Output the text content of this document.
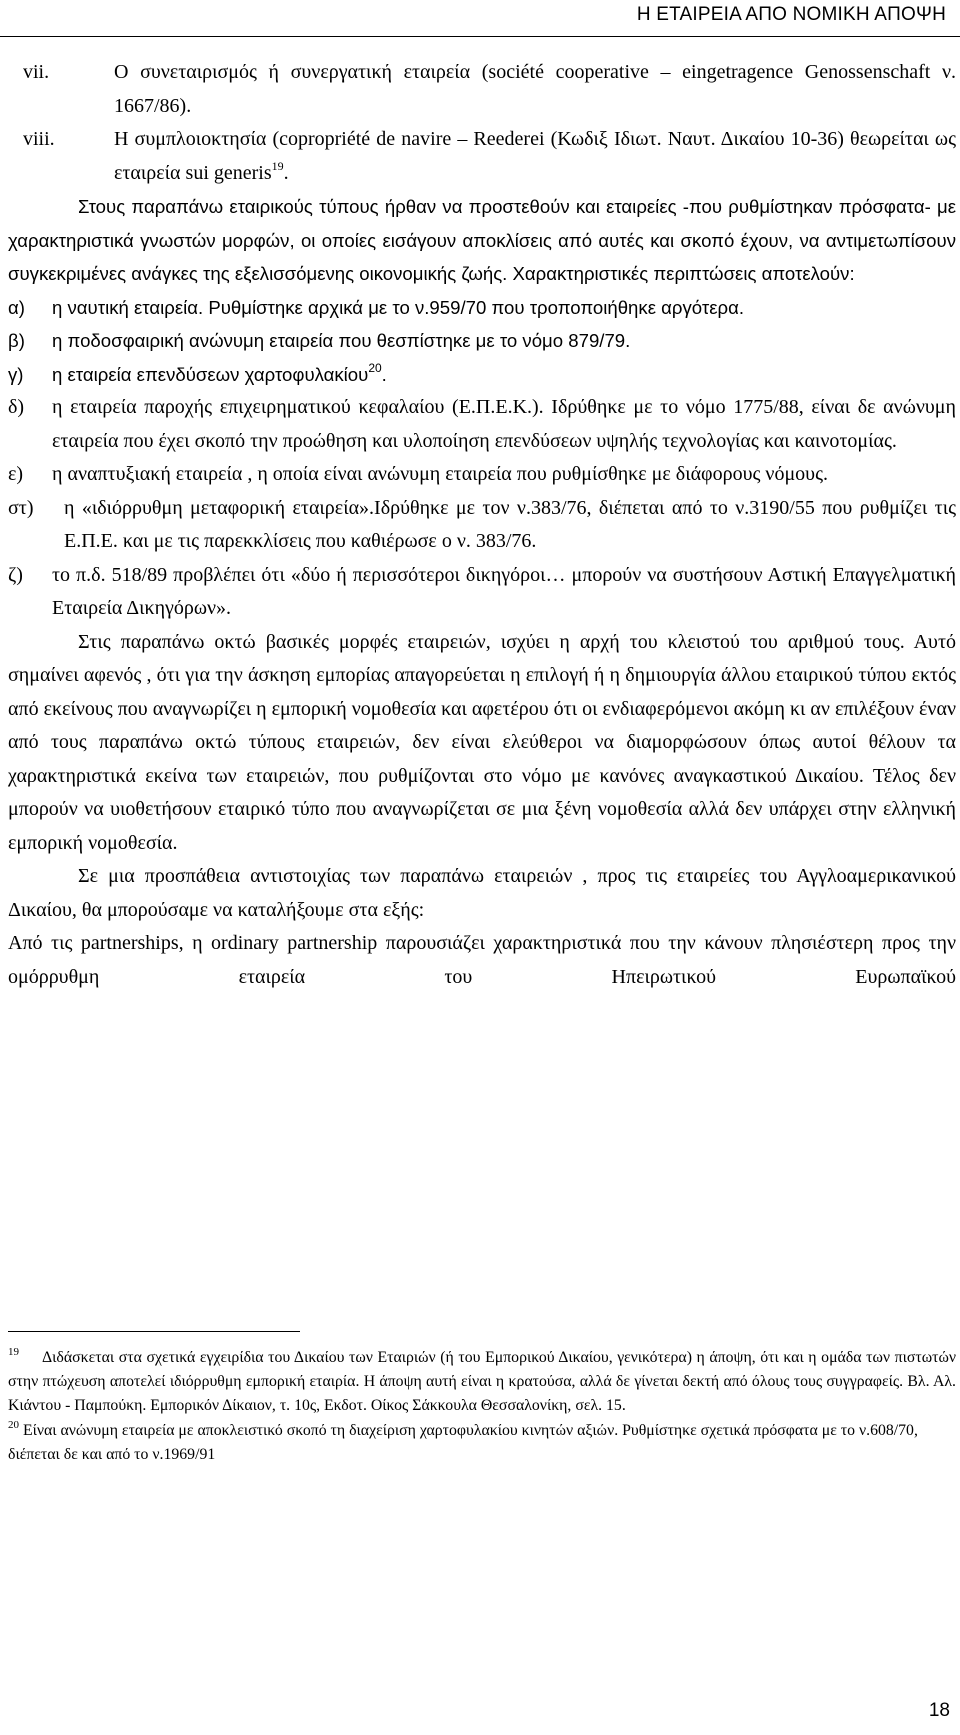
Η ΕΤΑΙΡΕΙΑ ΑΠΟ ΝΟΜΙΚΗ ΑΠΟΨΗ
vii.	Ο συνεταιρισμός ή συνεργατική εταιρεία (société cooperative – eingetragence Genossenschaft ν. 1667/86).
viii.	Η συμπλοιοκτησία (copropriété de navire – Reederei (Κωδιξ Ιδιωτ. Ναυτ. Δικαίου 10-36) θεωρείται ως εταιρεία sui generis$^{19}$.
Στους παραπάνω εταιρικούς τύπους ήρθαν να προστεθούν και εταιρείες -που ρυθμίστηκαν πρόσφατα- με χαρακτηριστικά γνωστών μορφών, οι οποίες εισάγουν αποκλίσεις από αυτές και σκοπό έχουν, να αντιμετωπίσουν συγκεκριμένες ανάγκες της εξελισσόμενης οικονομικής ζωής. Χαρακτηριστικές περιπτώσεις αποτελούν:
α) η ναυτική εταιρεία. Ρυθμίστηκε αρχικά με το ν.959/70 που τροποποιήθηκε αργότερα.
β) η ποδοσφαιρική ανώνυμη εταιρεία που θεσπίστηκε με το νόμο 879/79.
γ) η εταιρεία επενδύσεων χαρτοφυλακίου$^{20}$.
δ) η εταιρεία παροχής επιχειρηματικού κεφαλαίου (Ε.Π.Ε.Κ.). Ιδρύθηκε με το νόμο 1775/88, είναι δε ανώνυμη εταιρεία που έχει σκοπό την προώθηση και υλοποίηση επενδύσεων υψηλής τεχνολογίας και καινοτομίας.
ε) η αναπτυξιακή εταιρεία , η οποία είναι ανώνυμη εταιρεία που ρυθμίσθηκε με διάφορους νόμους.
στ) η «ιδιόρρυθμη μεταφορική εταιρεία».Ιδρύθηκε με τον ν.383/76, διέπεται από το ν.3190/55 που ρυθμίζει τις Ε.Π.Ε. και με τις παρεκκλίσεις που καθιέρωσε ο ν. 383/76.
ζ) το π.δ. 518/89 προβλέπει ότι «δύο ή περισσότεροι δικηγόροι… μπορούν να συστήσουν Αστική Επαγγελματική Εταιρεία Δικηγόρων».
Στις παραπάνω οκτώ βασικές μορφές εταιρειών, ισχύει η αρχή του κλειστού του αριθμού τους. Αυτό σημαίνει αφενός , ότι για την άσκηση εμπορίας απαγορεύεται η επιλογή ή η δημιουργία άλλου εταιρικού τύπου εκτός από εκείνους που αναγνωρίζει η εμπορική νομοθεσία και αφετέρου ότι οι ενδιαφερόμενοι ακόμη κι αν επιλέξουν έναν από τους παραπάνω οκτώ τύπους εταιρειών, δεν είναι ελεύθεροι να διαμορφώσουν όπως αυτοί θέλουν τα χαρακτηριστικά εκείνα των εταιρειών, που ρυθμίζονται στο νόμο με κανόνες αναγκαστικού Δικαίου. Τέλος δεν μπορούν να υιοθετήσουν εταιρικό τύπο που αναγνωρίζεται σε μια ξένη νομοθεσία αλλά δεν υπάρχει στην ελληνική εμπορική νομοθεσία.
Σε μια προσπάθεια αντιστοιχίας των παραπάνω εταιρειών , προς τις εταιρείες του Αγγλοαμερικανικού Δικαίου, θα μπορούσαμε να καταλήξουμε στα εξής:
Από τις partnerships, η ordinary partnership παρουσιάζει χαρακτηριστικά που την κάνουν πλησιέστερη προς την ομόρρυθμη εταιρεία του Ηπειρωτικού Ευρωπαϊκού
$^{19}$ Διδάσκεται στα σχετικά εγχειρίδια του Δικαίου των Εταιριών (ή του Εμπορικού Δικαίου, γενικότερα) η άποψη, ότι και η ομάδα των πιστωτών στην πτώχευση αποτελεί ιδιόρρυθμη εμπορική εταιρία. Η άποψη αυτή είναι η κρατούσα, αλλά δε γίνεται δεκτή από όλους τους συγγραφείς. Βλ. Αλ. Κιάντου - Παμπούκη. Εμπορικόν Δίκαιον, τ. 10ς, Εκδοτ. Οίκος Σάκκουλα Θεσσαλονίκη, σελ. 15.
$^{20}$ Είναι ανώνυμη εταιρεία με αποκλειστικό σκοπό τη διαχείριση χαρτοφυλακίου κινητών αξιών. Ρυθμίστηκε σχετικά πρόσφατα με το ν.608/70, διέπεται δε και από το ν.1969/91
18
